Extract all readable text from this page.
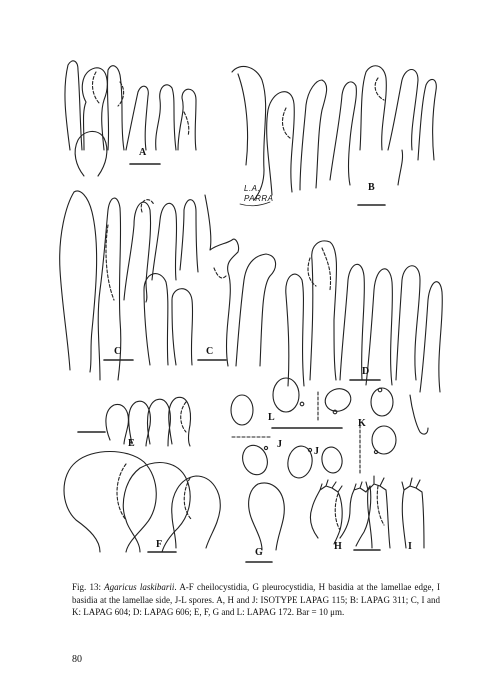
A
B
C	C
D
E
F
G
H	I
J
J
K
L
L.A.
PARRA

Fig. 13: Agaricus laskibarii. A-F cheilocystidia, G pleurocystidia, H basidia at the lamellae edge, I basidia at the lamellae side, J-L spores. A, H and J: ISOTYPE LAPAG 115; B: LAPAG 311; C, I and K: LAPAG 604; D: LAPAG 606; E, F, G and L: LAPAG 172. Bar = 10 μm.

80
